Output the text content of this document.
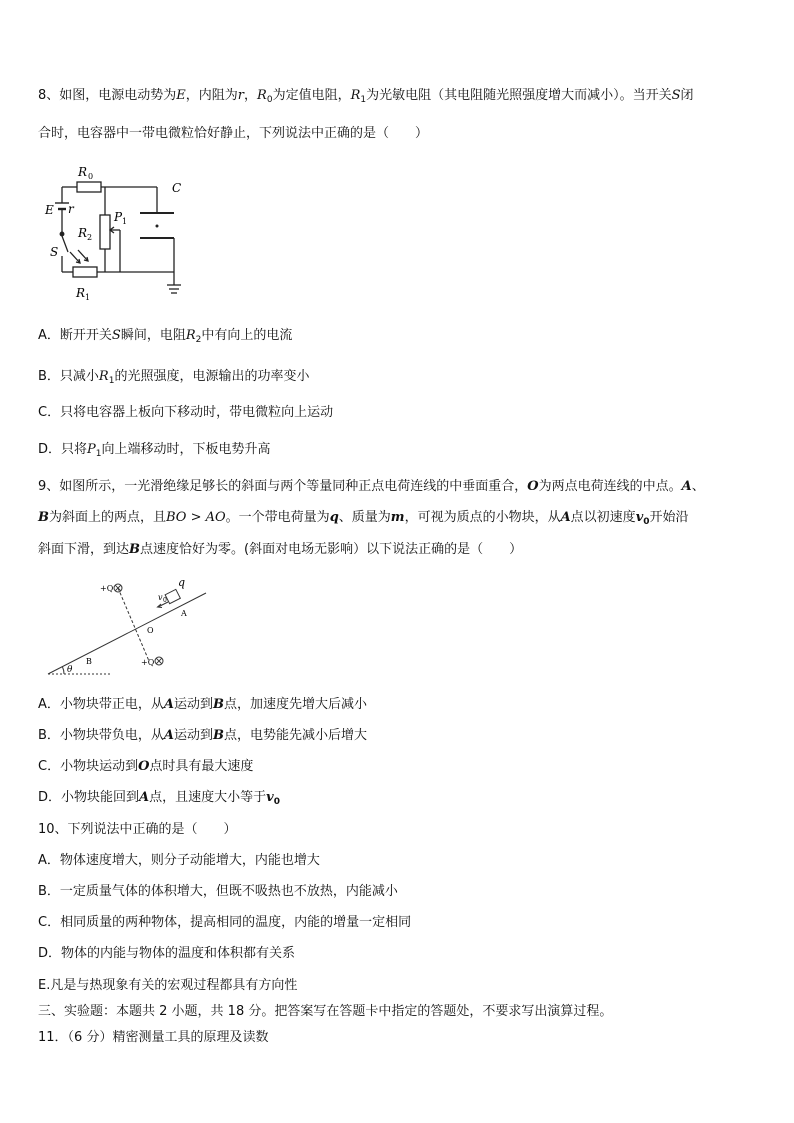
8、如图，电源电动势为E，内阻为r，$R_0$为定值电阻，$R_1$为光敏电阻（其电阻随光照强度增大而减小）。当开关S闭
合时，电容器中一带电微粒恰好静止，下列说法中正确的是（　　）
R 0
C
E r
P 1
R 2
S
R 1
A．断开开关S瞬间，电阻$R_2$中有向上的电流
B．只减小$R_1$的光照强度，电源输出的功率变小
C．只将电容器上板向下移动时，带电微粒向上运动
D．只将$P_1$向上端移动时，下板电势升高
9、如图所示，一光滑绝缘足够长的斜面与两个等量同种正点电荷连线的中垂面重合，O为两点电荷连线的中点。A、
B为斜面上的两点，且BO > AO。一个带电荷量为q、质量为m，可视为质点的小物块，从A点以初速度$v_0$开始沿
斜面下滑，到达B点速度恰好为零。(斜面对电场无影响）以下说法正确的是（　　）
+Q
+Q
q
v 0
A
O
B
θ
A．小物块带正电，从A运动到B点，加速度先增大后减小
B．小物块带负电，从A运动到B点，电势能先减小后增大
C．小物块运动到O点时具有最大速度
D．小物块能回到A点，且速度大小等于$v_0$
10、下列说法中正确的是（　　）
A．物体速度增大，则分子动能增大，内能也增大
B．一定质量气体的体积增大，但既不吸热也不放热，内能减小
C．相同质量的两种物体，提高相同的温度，内能的增量一定相同
D．物体的内能与物体的温度和体积都有关系
E.凡是与热现象有关的宏观过程都具有方向性
三、实验题：本题共 2 小题，共 18 分。把答案写在答题卡中指定的答题处，不要求写出演算过程。
11．（6 分）精密测量工具的原理及读数
